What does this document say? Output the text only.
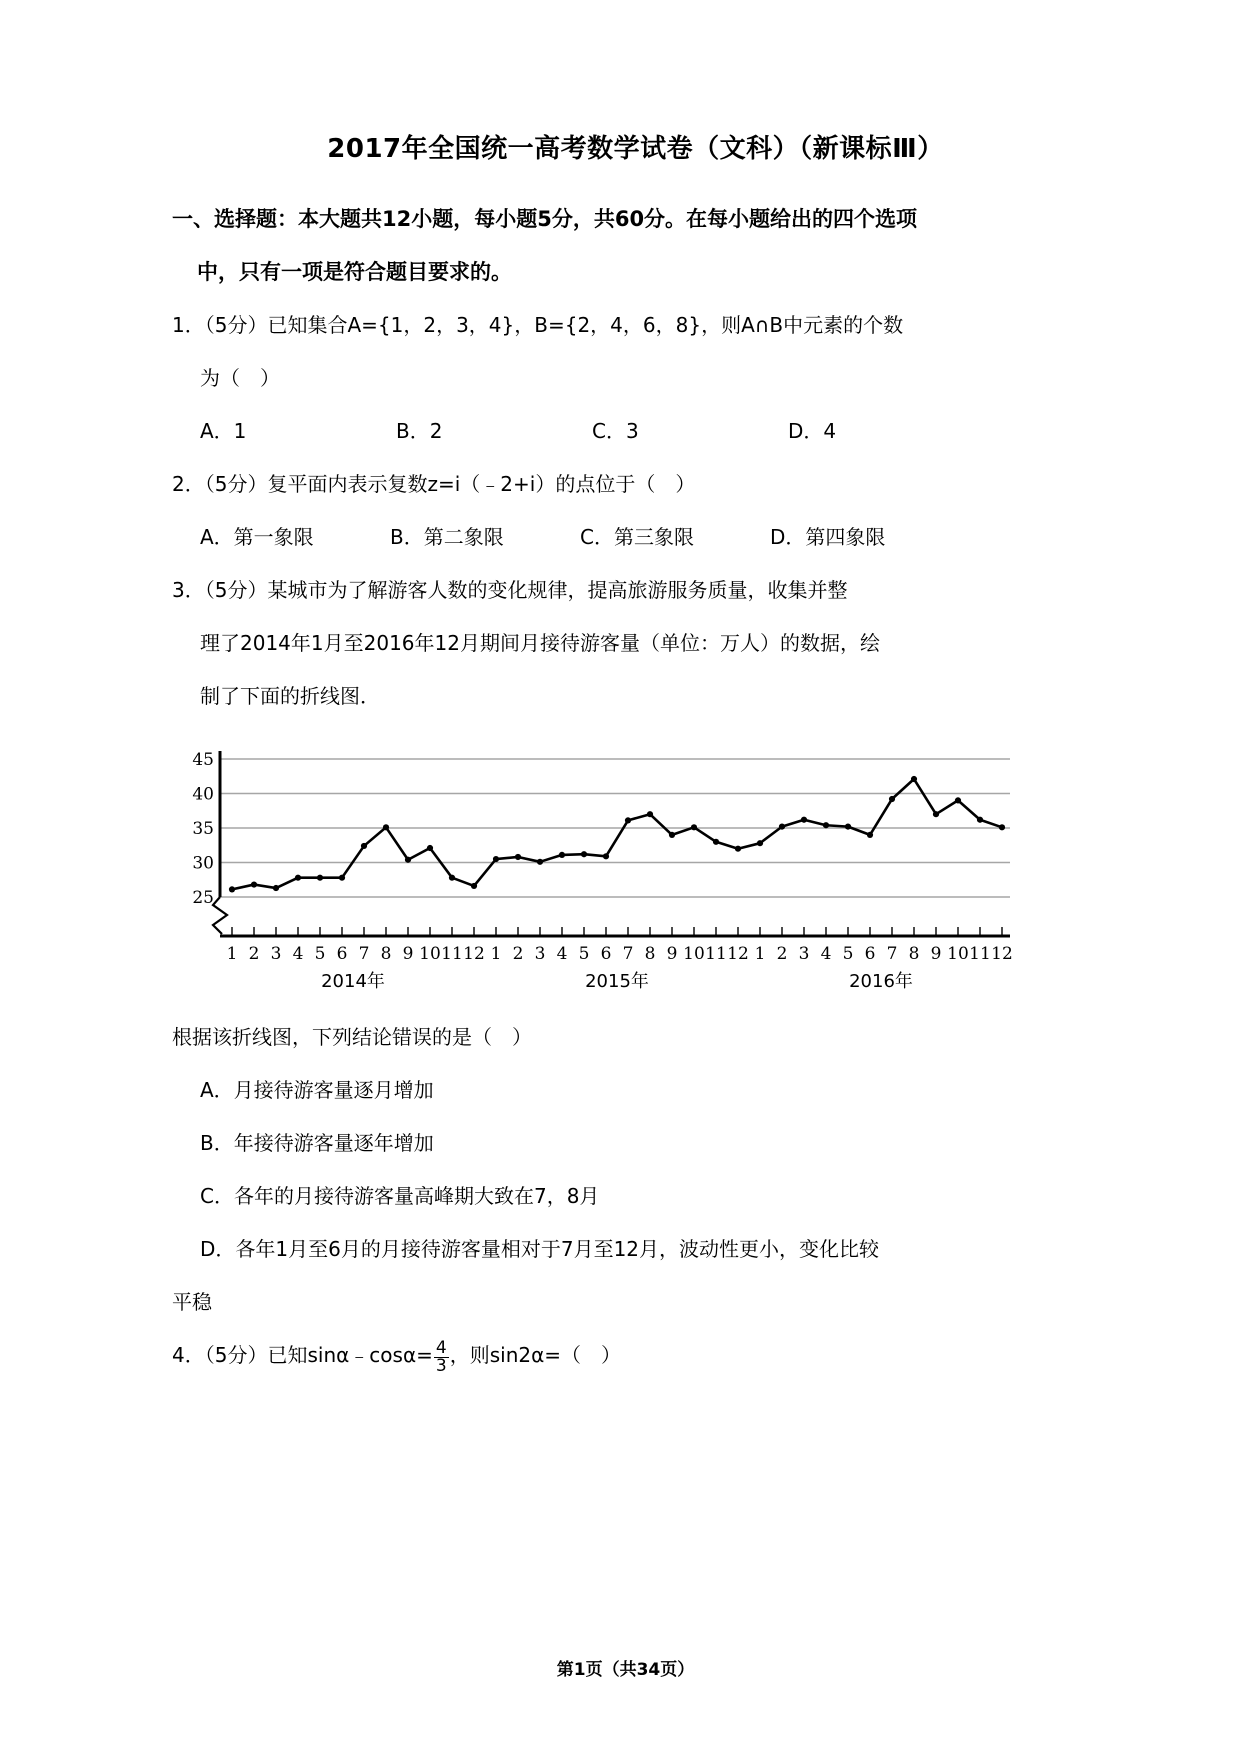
2017年全国统一高考数学试卷（文科）（新课标Ⅲ）
一、选择题：本大题共12小题，每小题5分，共60分。在每小题给出的四个选项
中，只有一项是符合题目要求的。
1．（5分）已知集合A={1，2，3，4}，B={2，4，6，8}，则A∩B中元素的个数
为（　）
A．1	B．2	C．3	D．4
2．（5分）复平面内表示复数z=i（﹣2+i）的点位于（　）
A．第一象限	B．第二象限	C．第三象限	D．第四象限
3．（5分）某城市为了解游客人数的变化规律，提高旅游服务质量，收集并整
理了2014年1月至2016年12月期间月接待游客量（单位：万人）的数据，绘
制了下面的折线图．
25
30
35
40
45
1 2 3 4 5 6 7 8 9 10 11 12 1 2 3 4 5 6 7 8 9 10 11 12 1 2 3 4 5 6 7 8 9 10 11 12
2014年	2015年	2016年
根据该折线图，下列结论错误的是（　）
A．月接待游客量逐月增加
B．年接待游客量逐年增加
C．各年的月接待游客量高峰期大致在7，8月
D．各年1月至6月的月接待游客量相对于7月至12月，波动性更小，变化比较
平稳
4．（5分）已知sinα﹣cosα= $\frac{4}{3}$ ，则sin2α=（　）
第1页（共34页）
